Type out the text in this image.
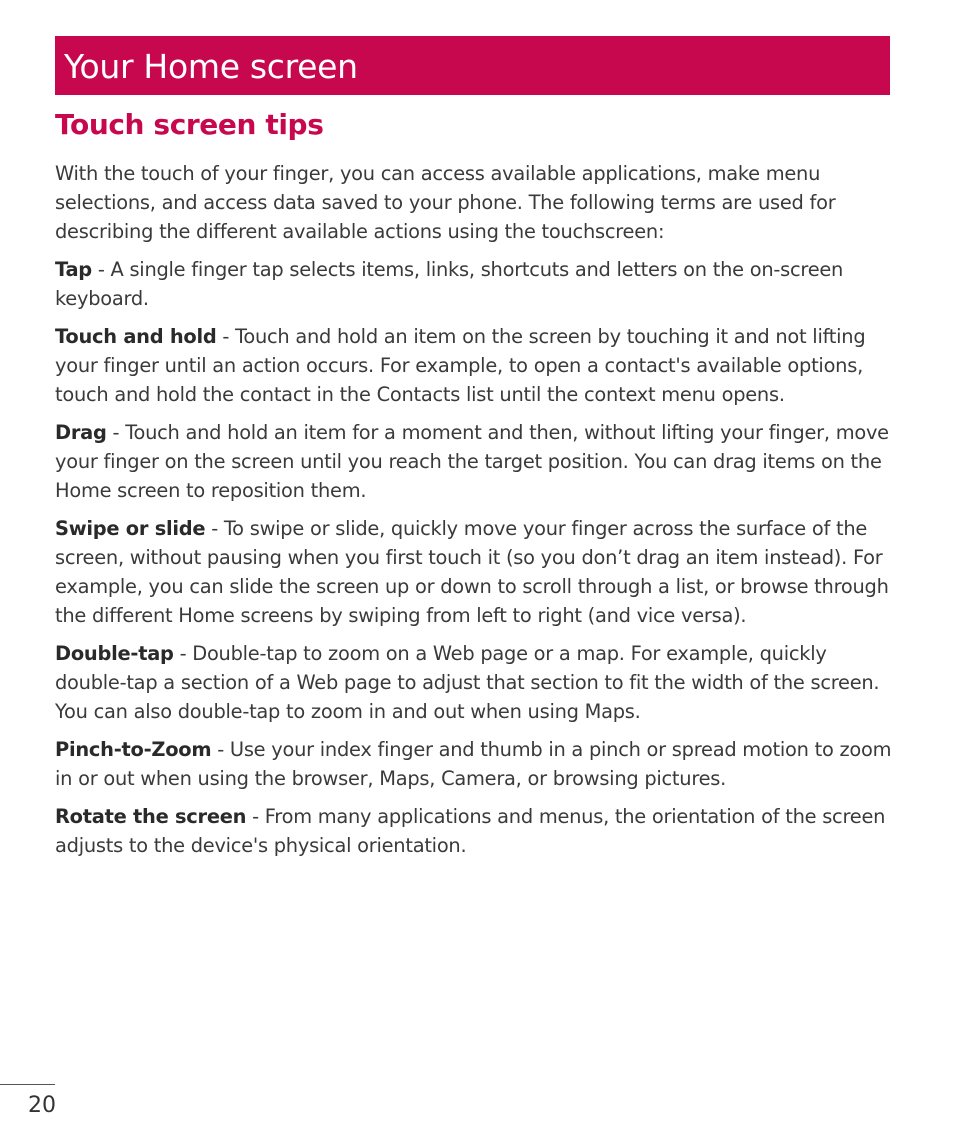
Your Home screen
Touch screen tips

With the touch of your finger, you can access available applications, make menu selections, and access data saved to your phone. The following terms are used for describing the different available actions using the touchscreen:

Tap - A single finger tap selects items, links, shortcuts and letters on the on-screen keyboard.

Touch and hold - Touch and hold an item on the screen by touching it and not lifting your finger until an action occurs. For example, to open a contact's available options, touch and hold the contact in the Contacts list until the context menu opens.

Drag - Touch and hold an item for a moment and then, without lifting your finger, move your finger on the screen until you reach the target position. You can drag items on the Home screen to reposition them.

Swipe or slide - To swipe or slide, quickly move your finger across the surface of the screen, without pausing when you first touch it (so you don’t drag an item instead). For example, you can slide the screen up or down to scroll through a list, or browse through the different Home screens by swiping from left to right (and vice versa).

Double-tap - Double-tap to zoom on a Web page or a map. For example, quickly double-tap a section of a Web page to adjust that section to fit the width of the screen. You can also double-tap to zoom in and out when using Maps.

Pinch-to-Zoom - Use your index finger and thumb in a pinch or spread motion to zoom in or out when using the browser, Maps, Camera, or browsing pictures.

Rotate the screen - From many applications and menus, the orientation of the screen adjusts to the device's physical orientation.

20
